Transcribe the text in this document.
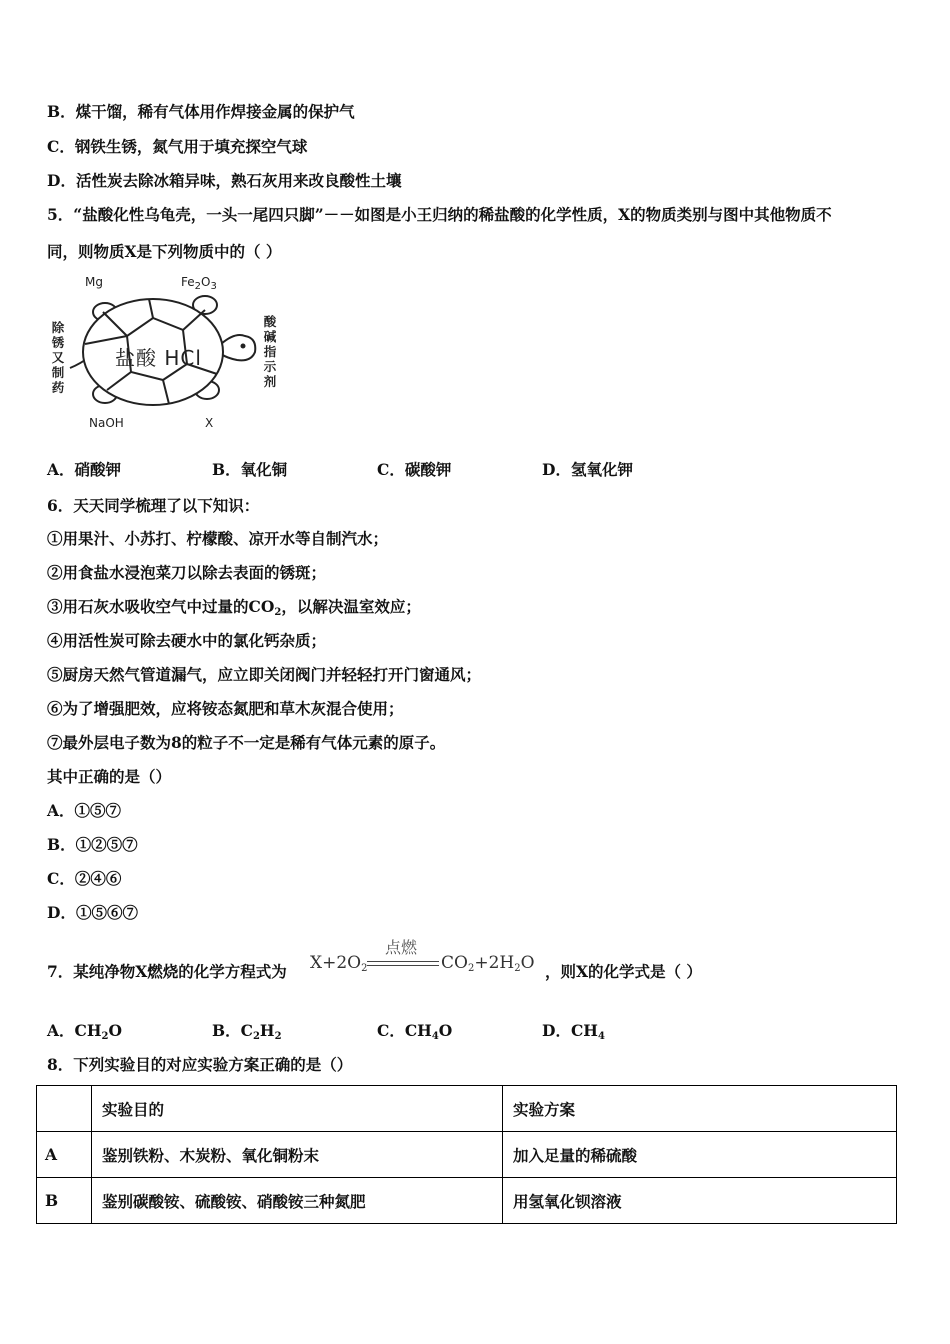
B．煤干馏，稀有气体用作焊接金属的保护气
C．钢铁生锈，氮气用于填充探空气球
D．活性炭去除冰箱异味，熟石灰用来改良酸性土壤
5．“盐酸化性乌龟壳，一头一尾四只脚”－－如图是小王归纳的稀盐酸的化学性质，X的物质类别与图中其他物质不
同，则物质X是下列物质中的（ ）
Mg	$Fe_2O_3$
盐酸 HCl
NaOH	X
除
锈
又
制
药
酸
碱
指
示
剂
A．硝酸钾	B．氧化铜	C．碳酸钾	D．氢氧化钾
6．天天同学梳理了以下知识：
①用果汁、小苏打、柠檬酸、凉开水等自制汽水；
②用食盐水浸泡菜刀以除去表面的锈斑；
③用石灰水吸收空气中过量的$CO_2$，以解决温室效应；
④用活性炭可除去硬水中的氯化钙杂质；
⑤厨房天然气管道漏气，应立即关闭阀门并轻轻打开门窗通风；
⑥为了增强肥效，应将铵态氮肥和草木灰混合使用；
⑦最外层电子数为8的粒子不一定是稀有气体元素的原子。
其中正确的是（）
A．①⑤⑦
B．①②⑤⑦
C．②④⑥
D．①⑤⑥⑦
7．某纯净物X燃烧的化学方程式为 $X+2O_2$
点燃
$CO_2+2H_2O$ ，则X的化学式是（ ）
A．$CH_2O$	B．$C_2H_2$	C．$CH_4O$	D．$CH_4$
8．下列实验目的对应实验方案正确的是（）
	实验目的	实验方案
A	鉴别铁粉、木炭粉、氧化铜粉末	加入足量的稀硫酸
B	鉴别碳酸铵、硫酸铵、硝酸铵三种氮肥	用氢氧化钡溶液
